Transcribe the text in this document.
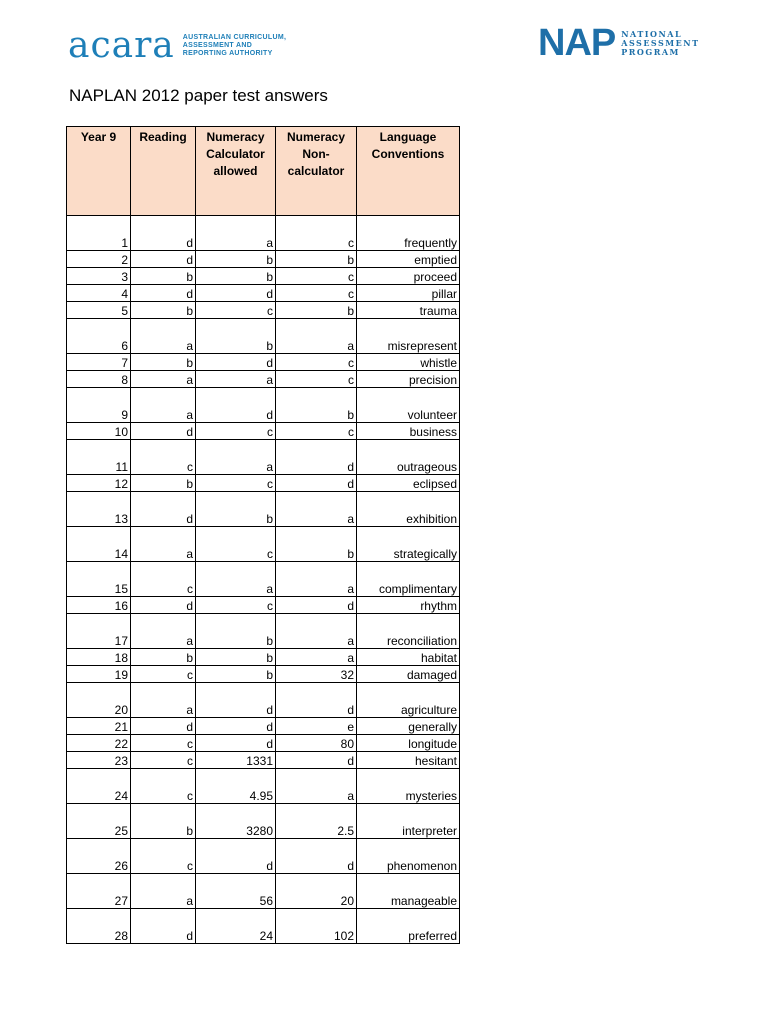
acara AUSTRALIAN CURRICULUM,
ASSESSMENT AND
REPORTING AUTHORITY	NAP NATIONAL
ASSESSMENT
PROGRAM
NAPLAN 2012 paper test answers
Year 9	Reading	Numeracy Calculator allowed	Numeracy Non-calculator	Language Conventions
1	d	a	c	frequently
2	d	b	b	emptied
3	b	b	c	proceed
4	d	d	c	pillar
5	b	c	b	trauma
6	a	b	a	misrepresent
7	b	d	c	whistle
8	a	a	c	precision
9	a	d	b	volunteer
10	d	c	c	business
11	c	a	d	outrageous
12	b	c	d	eclipsed
13	d	b	a	exhibition
14	a	c	b	strategically
15	c	a	a	complimentary
16	d	c	d	rhythm
17	a	b	a	reconciliation
18	b	b	a	habitat
19	c	b	32	damaged
20	a	d	d	agriculture
21	d	d	e	generally
22	c	d	80	longitude
23	c	1331	d	hesitant
24	c	4.95	a	mysteries
25	b	3280	2.5	interpreter
26	c	d	d	phenomenon
27	a	56	20	manageable
28	d	24	102	preferred
